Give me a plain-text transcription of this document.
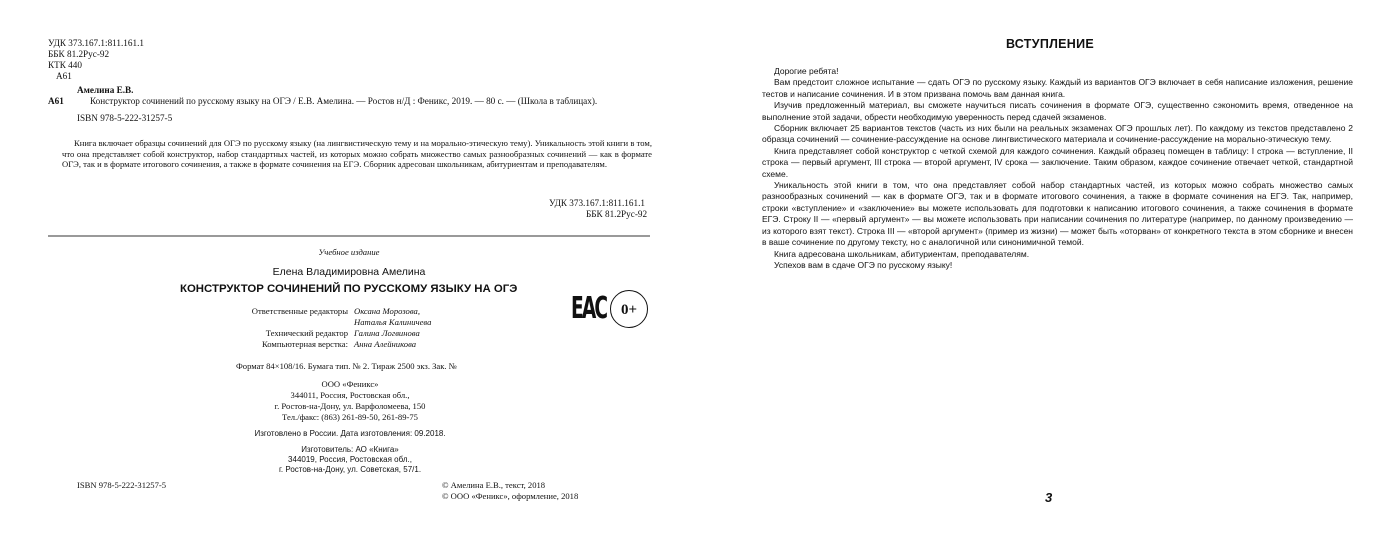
УДК 373.167.1:811.161.1
ББК 81.2Рус-92
КТК 440
А61
Амелина Е.В.
А61	Конструктор сочинений по русскому языку на ОГЭ / Е.В. Амелина. — Ростов н/Д : Феникс, 2019. — 80 с. — (Школа в таблицах).
ISBN 978-5-222-31257-5
Книга включает образцы сочинений для ОГЭ по русскому языку (на лингвистическую тему и на морально-этическую тему). Уникальность этой книги в том, что она представляет собой конструктор, набор стандартных частей, из которых можно собрать множество самых разнообразных сочинений — как в формате ОГЭ, так и в формате итогового сочинения, а также в формате сочинения на ЕГЭ. Сборник адресован школьникам, абитуриентам и преподавателям.
УДК 373.167.1:811.161.1
ББК 81.2Рус-92
Учебное издание
Елена Владимировна Амелина
КОНСТРУКТОР СОЧИНЕНИЙ ПО РУССКОМУ ЯЗЫКУ НА ОГЭ
ЕАС 0+
Ответственные редакторы Оксана Морозова,
Наталья Калиничева
Технический редактор Галина Логвинова
Компьютерная верстка: Анна Алейникова
Формат 84×108/16. Бумага тип. № 2. Тираж 2500 экз. Зак. №
ООО «Феникс»
344011, Россия, Ростовская обл.,
г. Ростов-на-Дону, ул. Варфоломеева, 150
Тел./факс: (863) 261-89-50, 261-89-75
Изготовлено в России. Дата изготовления: 09.2018.
Изготовитель: АО «Книга»
344019, Россия, Ростовская обл.,
г. Ростов-на-Дону, ул. Советская, 57/1.
ISBN 978-5-222-31257-5	© Амелина Е.В., текст, 2018
© ООО «Феникс», оформление, 2018
ВСТУПЛЕНИЕ

Дорогие ребята!

Вам предстоит сложное испытание — сдать ОГЭ по русскому языку. Каждый из вариантов ОГЭ включает в себя написание изложения, решение тестов и написание сочинения. И в этом призвана помочь вам данная книга.

Изучив предложенный материал, вы сможете научиться писать сочинения в формате ОГЭ, существенно сэкономить время, отведенное на выполнение этой задачи, обрести необходимую уверенность перед сдачей экзаменов.

Сборник включает 25 вариантов текстов (часть из них были на реальных экзаменах ОГЭ прошлых лет). По каждому из текстов представлено 2 образца сочинений — сочинение-рассуждение на основе лингвистического материала и сочинение-рассуждение на морально-этическую тему.

Книга представляет собой конструктор с четкой схемой для каждого сочинения. Каждый образец помещен в таблицу: I строка — вступление, II строка — первый аргумент, III строка — второй аргумент, IV срока — заключение. Таким образом, каждое сочинение отвечает четкой, стандартной схеме.

Уникальность этой книги в том, что она представляет собой набор стандартных частей, из которых можно собрать множество самых разнообразных сочинений — как в формате ОГЭ, так и в формате итогового сочинения, а также в формате сочинения на ЕГЭ. Так, например, строки «вступление» и «заключение» вы можете использовать для подготовки к написанию итогового сочинения, а также сочинения в формате ЕГЭ. Строку II — «первый аргумент» — вы можете использовать при написании сочинения по литературе (например, по данному произведению — из которого взят текст). Строка III — «второй аргумент» (пример из жизни) — может быть «оторван» от конкретного текста в этом сборнике и внесен в ваше сочинение по другому тексту, но с аналогичной или синонимичной темой.

Книга адресована школьникам, абитуриентам, преподавателям.

Успехов вам в сдаче ОГЭ по русскому языку!

3
